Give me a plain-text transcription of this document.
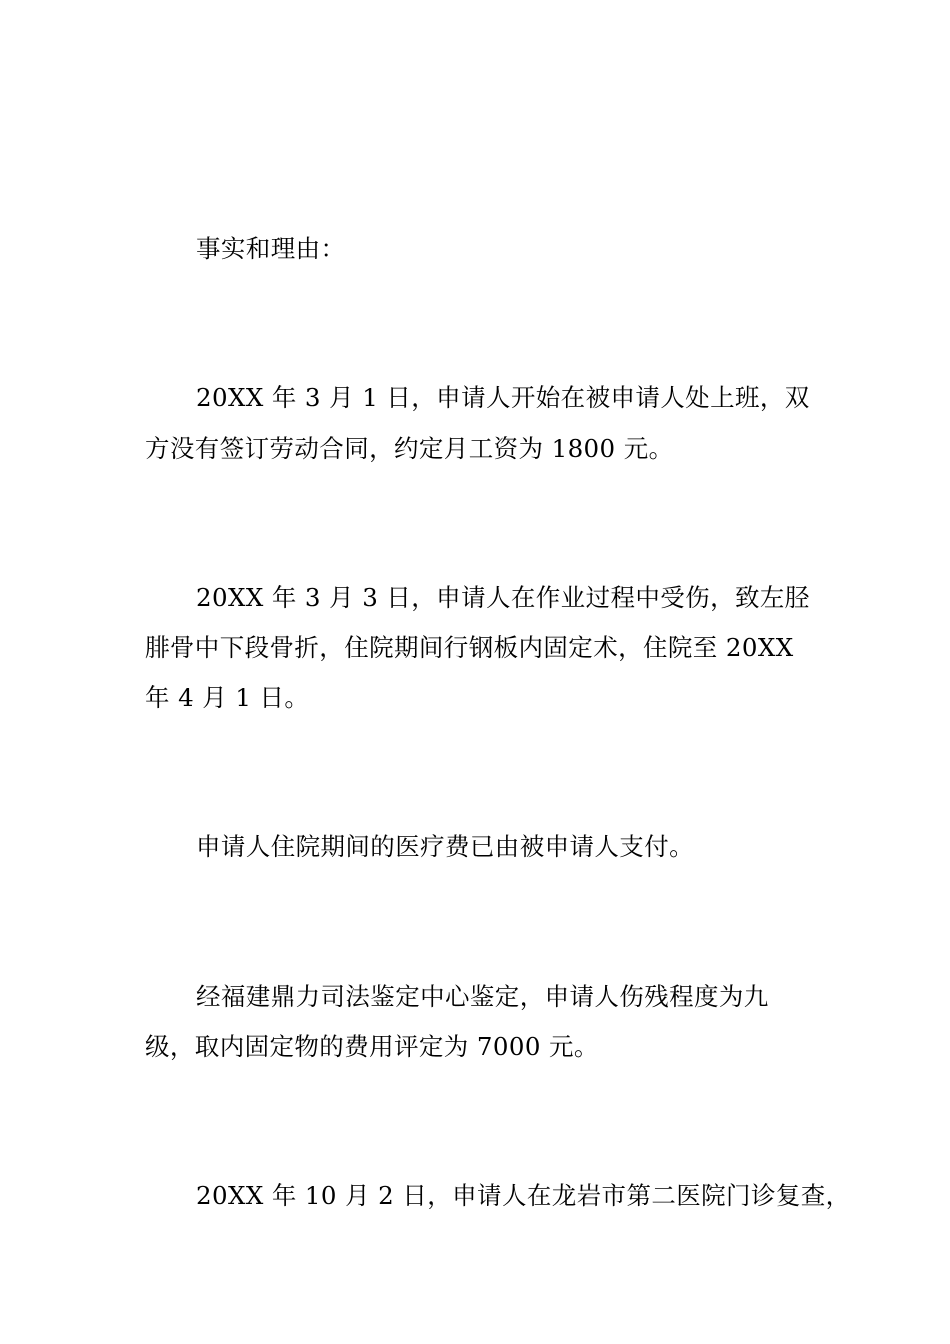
事实和理由：
20XX 年 3 月 1 日，申请人开始在被申请人处上班，双
方没有签订劳动合同，约定月工资为 1800 元。
20XX 年 3 月 3 日，申请人在作业过程中受伤，致左胫
腓骨中下段骨折，住院期间行钢板内固定术，住院至 20XX
年 4 月 1 日。
申请人住院期间的医疗费已由被申请人支付。
经福建鼎力司法鉴定中心鉴定，申请人伤残程度为九
级，取内固定物的费用评定为 7000 元。
20XX 年 10 月 2 日，申请人在龙岩市第二医院门诊复查，
